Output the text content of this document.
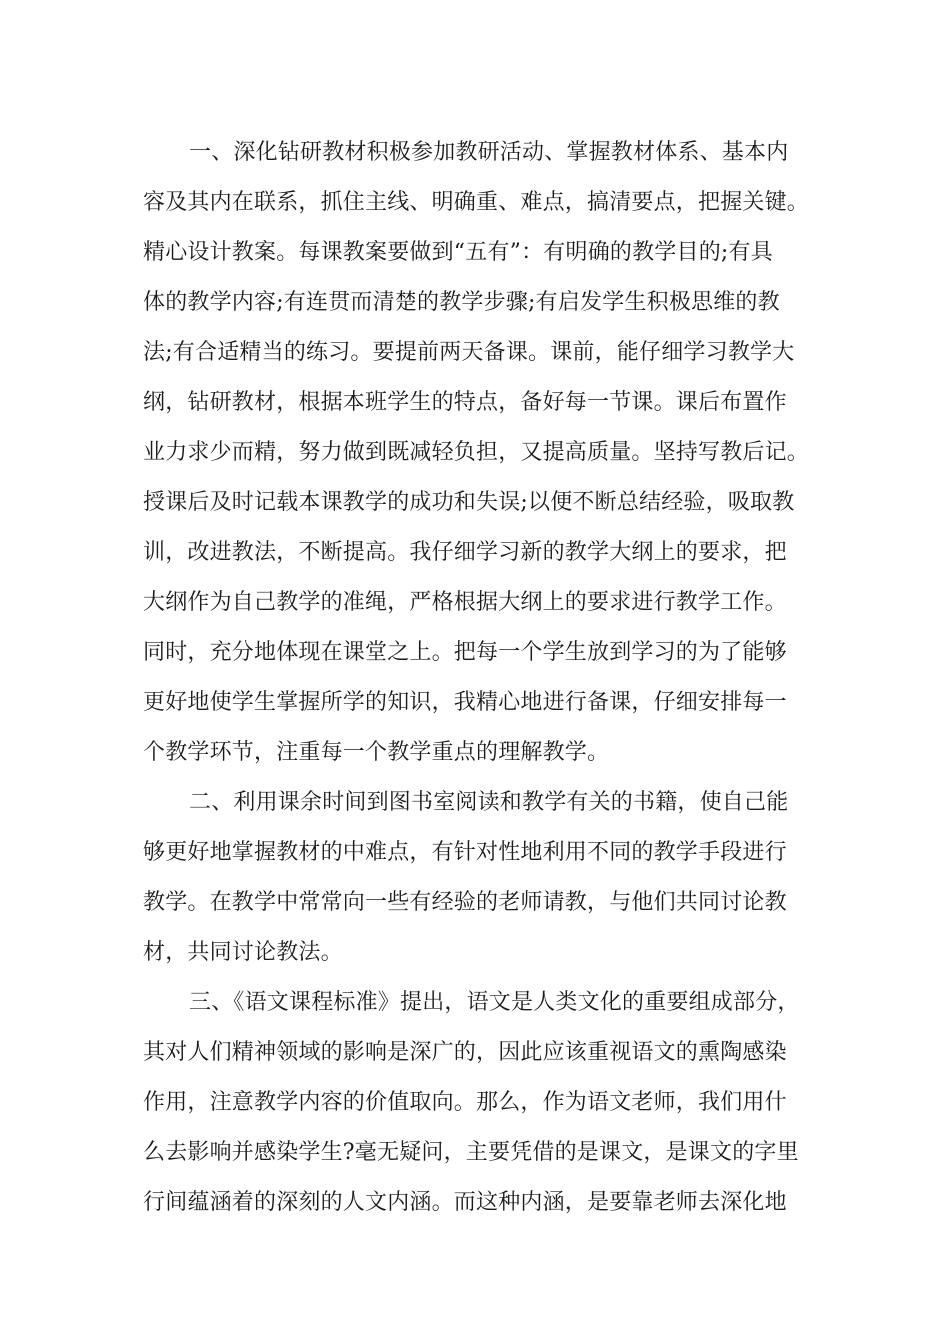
一、深化钻研教材积极参加教研活动、掌握教材体系、基本内
容及其内在联系，抓住主线、明确重、难点，搞清要点，把握关键。
精心设计教案。每课教案要做到“五有”：有明确的教学目的;有具
体的教学内容;有连贯而清楚的教学步骤;有启发学生积极思维的教
法;有合适精当的练习。要提前两天备课。课前，能仔细学习教学大
纲，钻研教材，根据本班学生的特点，备好每一节课。课后布置作
业力求少而精，努力做到既减轻负担，又提高质量。坚持写教后记。
授课后及时记载本课教学的成功和失误;以便不断总结经验，吸取教
训，改进教法，不断提高。我仔细学习新的教学大纲上的要求，把
大纲作为自己教学的准绳，严格根据大纲上的要求进行教学工作。
同时，充分地体现在课堂之上。把每一个学生放到学习的为了能够
更好地使学生掌握所学的知识，我精心地进行备课，仔细安排每一
个教学环节，注重每一个教学重点的理解教学。
二、利用课余时间到图书室阅读和教学有关的书籍，使自己能
够更好地掌握教材的中难点，有针对性地利用不同的教学手段进行
教学。在教学中常常向一些有经验的老师请教，与他们共同讨论教
材，共同讨论教法。
三、《语文课程标准》提出，语文是人类文化的重要组成部分，
其对人们精神领域的影响是深广的，因此应该重视语文的熏陶感染
作用，注意教学内容的价值取向。那么，作为语文老师，我们用什
么去影响并感染学生?毫无疑问，主要凭借的是课文，是课文的字里
行间蕴涵着的深刻的人文内涵。而这种内涵，是要靠老师去深化地
